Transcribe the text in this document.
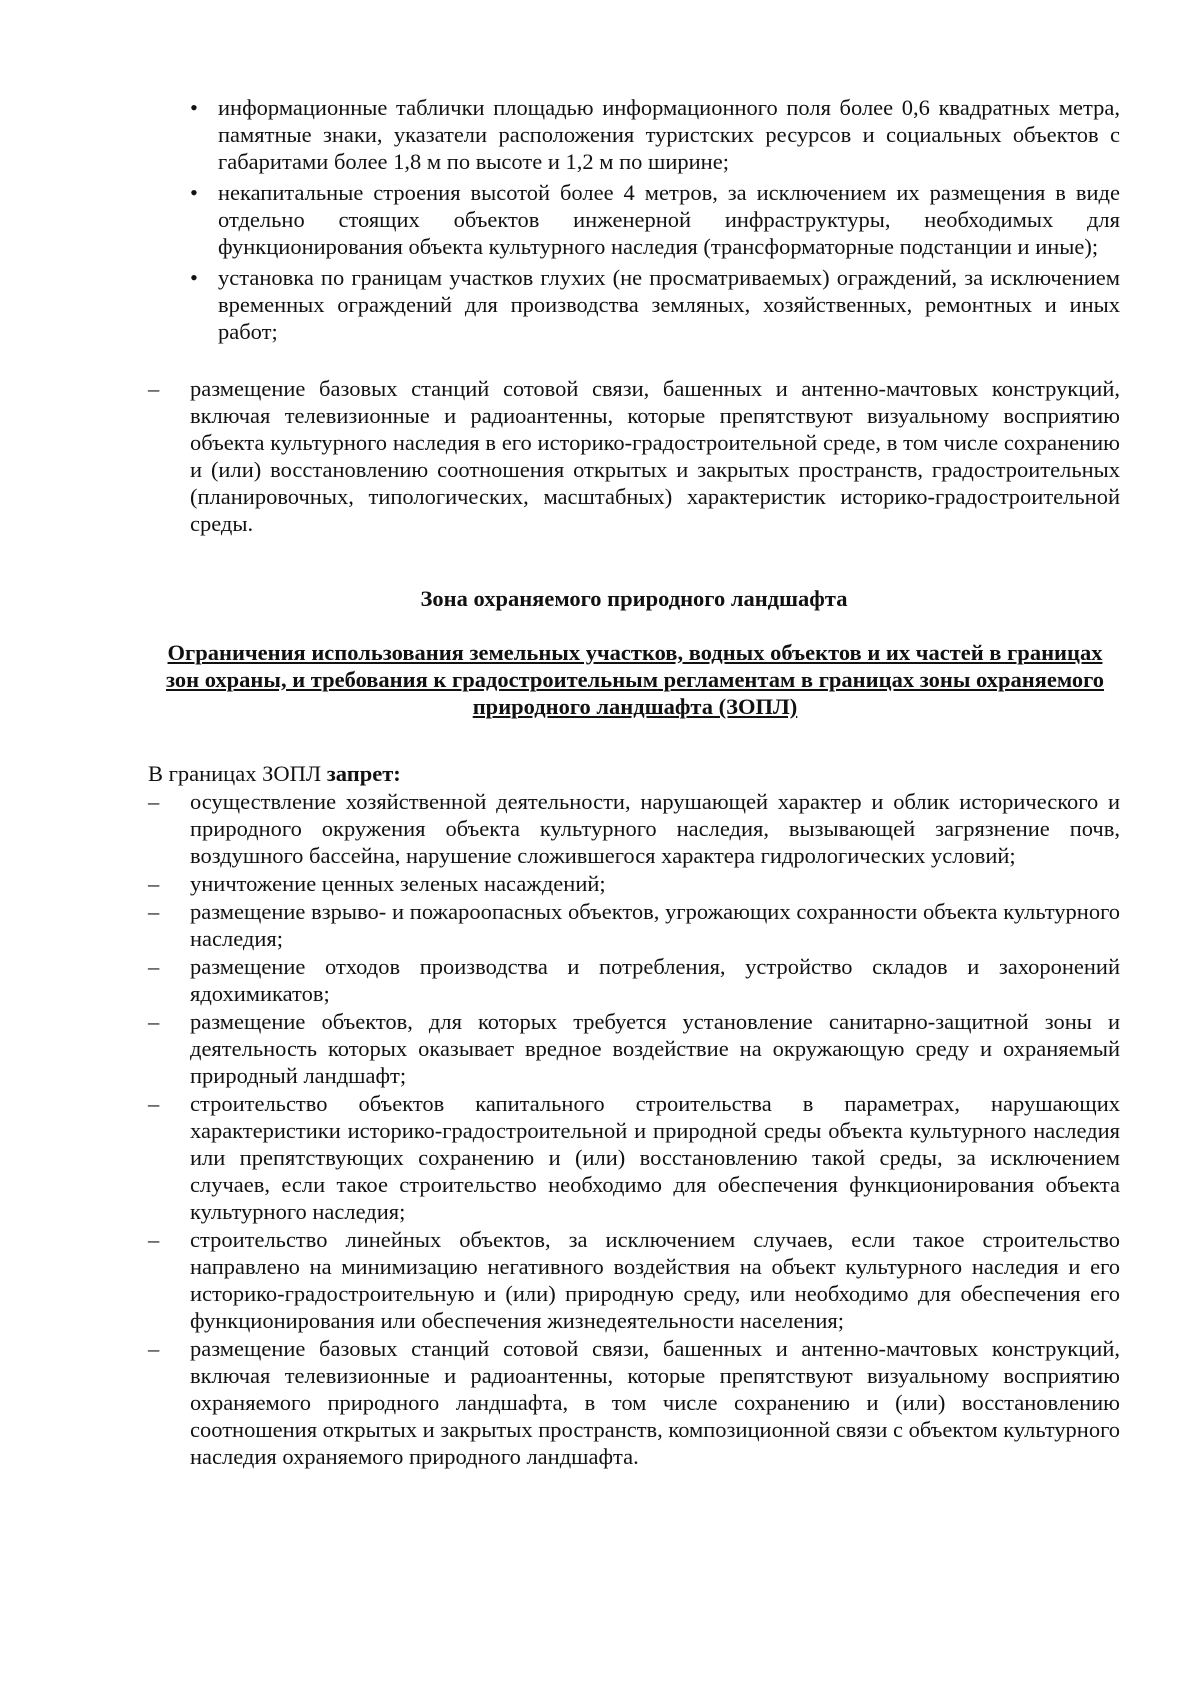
• информационные таблички площадью информационного поля более 0,6 квадратных метра, памятные знаки, указатели расположения туристских ресурсов и социальных объектов с габаритами более 1,8 м по высоте и 1,2 м по ширине;
• некапитальные строения высотой более 4 метров, за исключением их размещения в виде отдельно стоящих объектов инженерной инфраструктуры, необходимых для функционирования объекта культурного наследия (трансформаторные подстанции и иные);
• установка по границам участков глухих (не просматриваемых) ограждений, за исключением временных ограждений для производства земляных, хозяйственных, ремонтных и иных работ;
– размещение базовых станций сотовой связи, башенных и антенно-мачтовых конструкций, включая телевизионные и радиоантенны, которые препятствуют визуальному восприятию объекта культурного наследия в его историко-градостроительной среде, в том числе сохранению и (или) восстановлению соотношения открытых и закрытых пространств, градостроительных (планировочных, типологических, масштабных) характеристик историко-градостроительной среды.
Зона охраняемого природного ландшафта
Ограничения использования земельных участков, водных объектов и их частей в границах зон охраны, и требования к градостроительным регламентам в границах зоны охраняемого природного ландшафта (ЗОПЛ)
В границах ЗОПЛ запрет:
– осуществление хозяйственной деятельности, нарушающей характер и облик исторического и природного окружения объекта культурного наследия, вызывающей загрязнение почв, воздушного бассейна, нарушение сложившегося характера гидрологических условий;
– уничтожение ценных зеленых насаждений;
– размещение взрыво- и пожароопасных объектов, угрожающих сохранности объекта культурного наследия;
– размещение отходов производства и потребления, устройство складов и захоронений ядохимикатов;
– размещение объектов, для которых требуется установление санитарно-защитной зоны и деятельность которых оказывает вредное воздействие на окружающую среду и охраняемый природный ландшафт;
– строительство объектов капитального строительства в параметрах, нарушающих характеристики историко-градостроительной и природной среды объекта культурного наследия или препятствующих сохранению и (или) восстановлению такой среды, за исключением случаев, если такое строительство необходимо для обеспечения функционирования объекта культурного наследия;
– строительство линейных объектов, за исключением случаев, если такое строительство направлено на минимизацию негативного воздействия на объект культурного наследия и его историко-градостроительную и (или) природную среду, или необходимо для обеспечения его функционирования или обеспечения жизнедеятельности населения;
– размещение базовых станций сотовой связи, башенных и антенно-мачтовых конструкций, включая телевизионные и радиоантенны, которые препятствуют визуальному восприятию охраняемого природного ландшафта, в том числе сохранению и (или) восстановлению соотношения открытых и закрытых пространств, композиционной связи с объектом культурного наследия охраняемого природного ландшафта.
